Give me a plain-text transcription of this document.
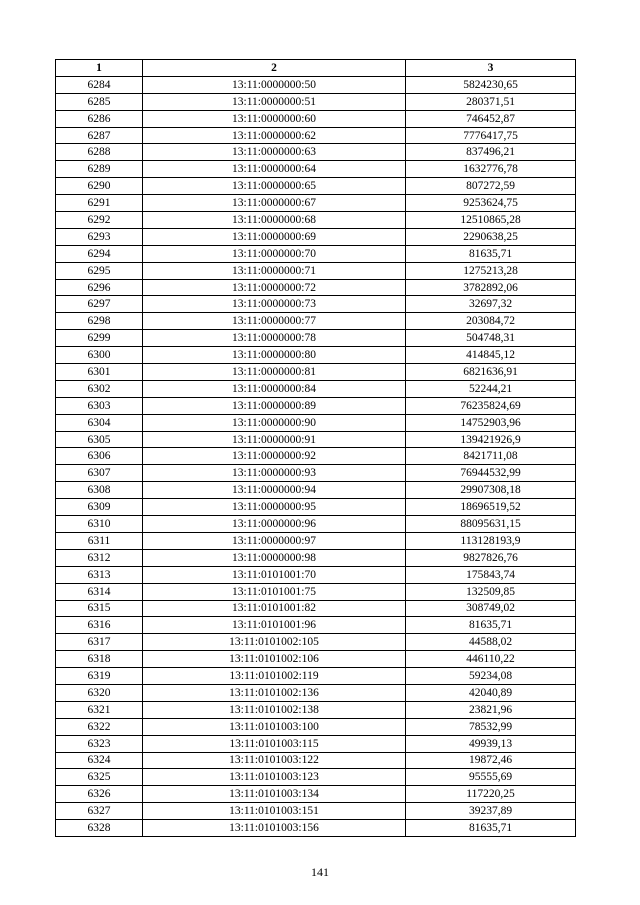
1	2	3
6284	13:11:0000000:50	5824230,65
6285	13:11:0000000:51	280371,51
6286	13:11:0000000:60	746452,87
6287	13:11:0000000:62	7776417,75
6288	13:11:0000000:63	837496,21
6289	13:11:0000000:64	1632776,78
6290	13:11:0000000:65	807272,59
6291	13:11:0000000:67	9253624,75
6292	13:11:0000000:68	12510865,28
6293	13:11:0000000:69	2290638,25
6294	13:11:0000000:70	81635,71
6295	13:11:0000000:71	1275213,28
6296	13:11:0000000:72	3782892,06
6297	13:11:0000000:73	32697,32
6298	13:11:0000000:77	203084,72
6299	13:11:0000000:78	504748,31
6300	13:11:0000000:80	414845,12
6301	13:11:0000000:81	6821636,91
6302	13:11:0000000:84	52244,21
6303	13:11:0000000:89	76235824,69
6304	13:11:0000000:90	14752903,96
6305	13:11:0000000:91	139421926,9
6306	13:11:0000000:92	8421711,08
6307	13:11:0000000:93	76944532,99
6308	13:11:0000000:94	29907308,18
6309	13:11:0000000:95	18696519,52
6310	13:11:0000000:96	88095631,15
6311	13:11:0000000:97	113128193,9
6312	13:11:0000000:98	9827826,76
6313	13:11:0101001:70	175843,74
6314	13:11:0101001:75	132509,85
6315	13:11:0101001:82	308749,02
6316	13:11:0101001:96	81635,71
6317	13:11:0101002:105	44588,02
6318	13:11:0101002:106	446110,22
6319	13:11:0101002:119	59234,08
6320	13:11:0101002:136	42040,89
6321	13:11:0101002:138	23821,96
6322	13:11:0101003:100	78532,99
6323	13:11:0101003:115	49939,13
6324	13:11:0101003:122	19872,46
6325	13:11:0101003:123	95555,69
6326	13:11:0101003:134	117220,25
6327	13:11:0101003:151	39237,89
6328	13:11:0101003:156	81635,71
141
